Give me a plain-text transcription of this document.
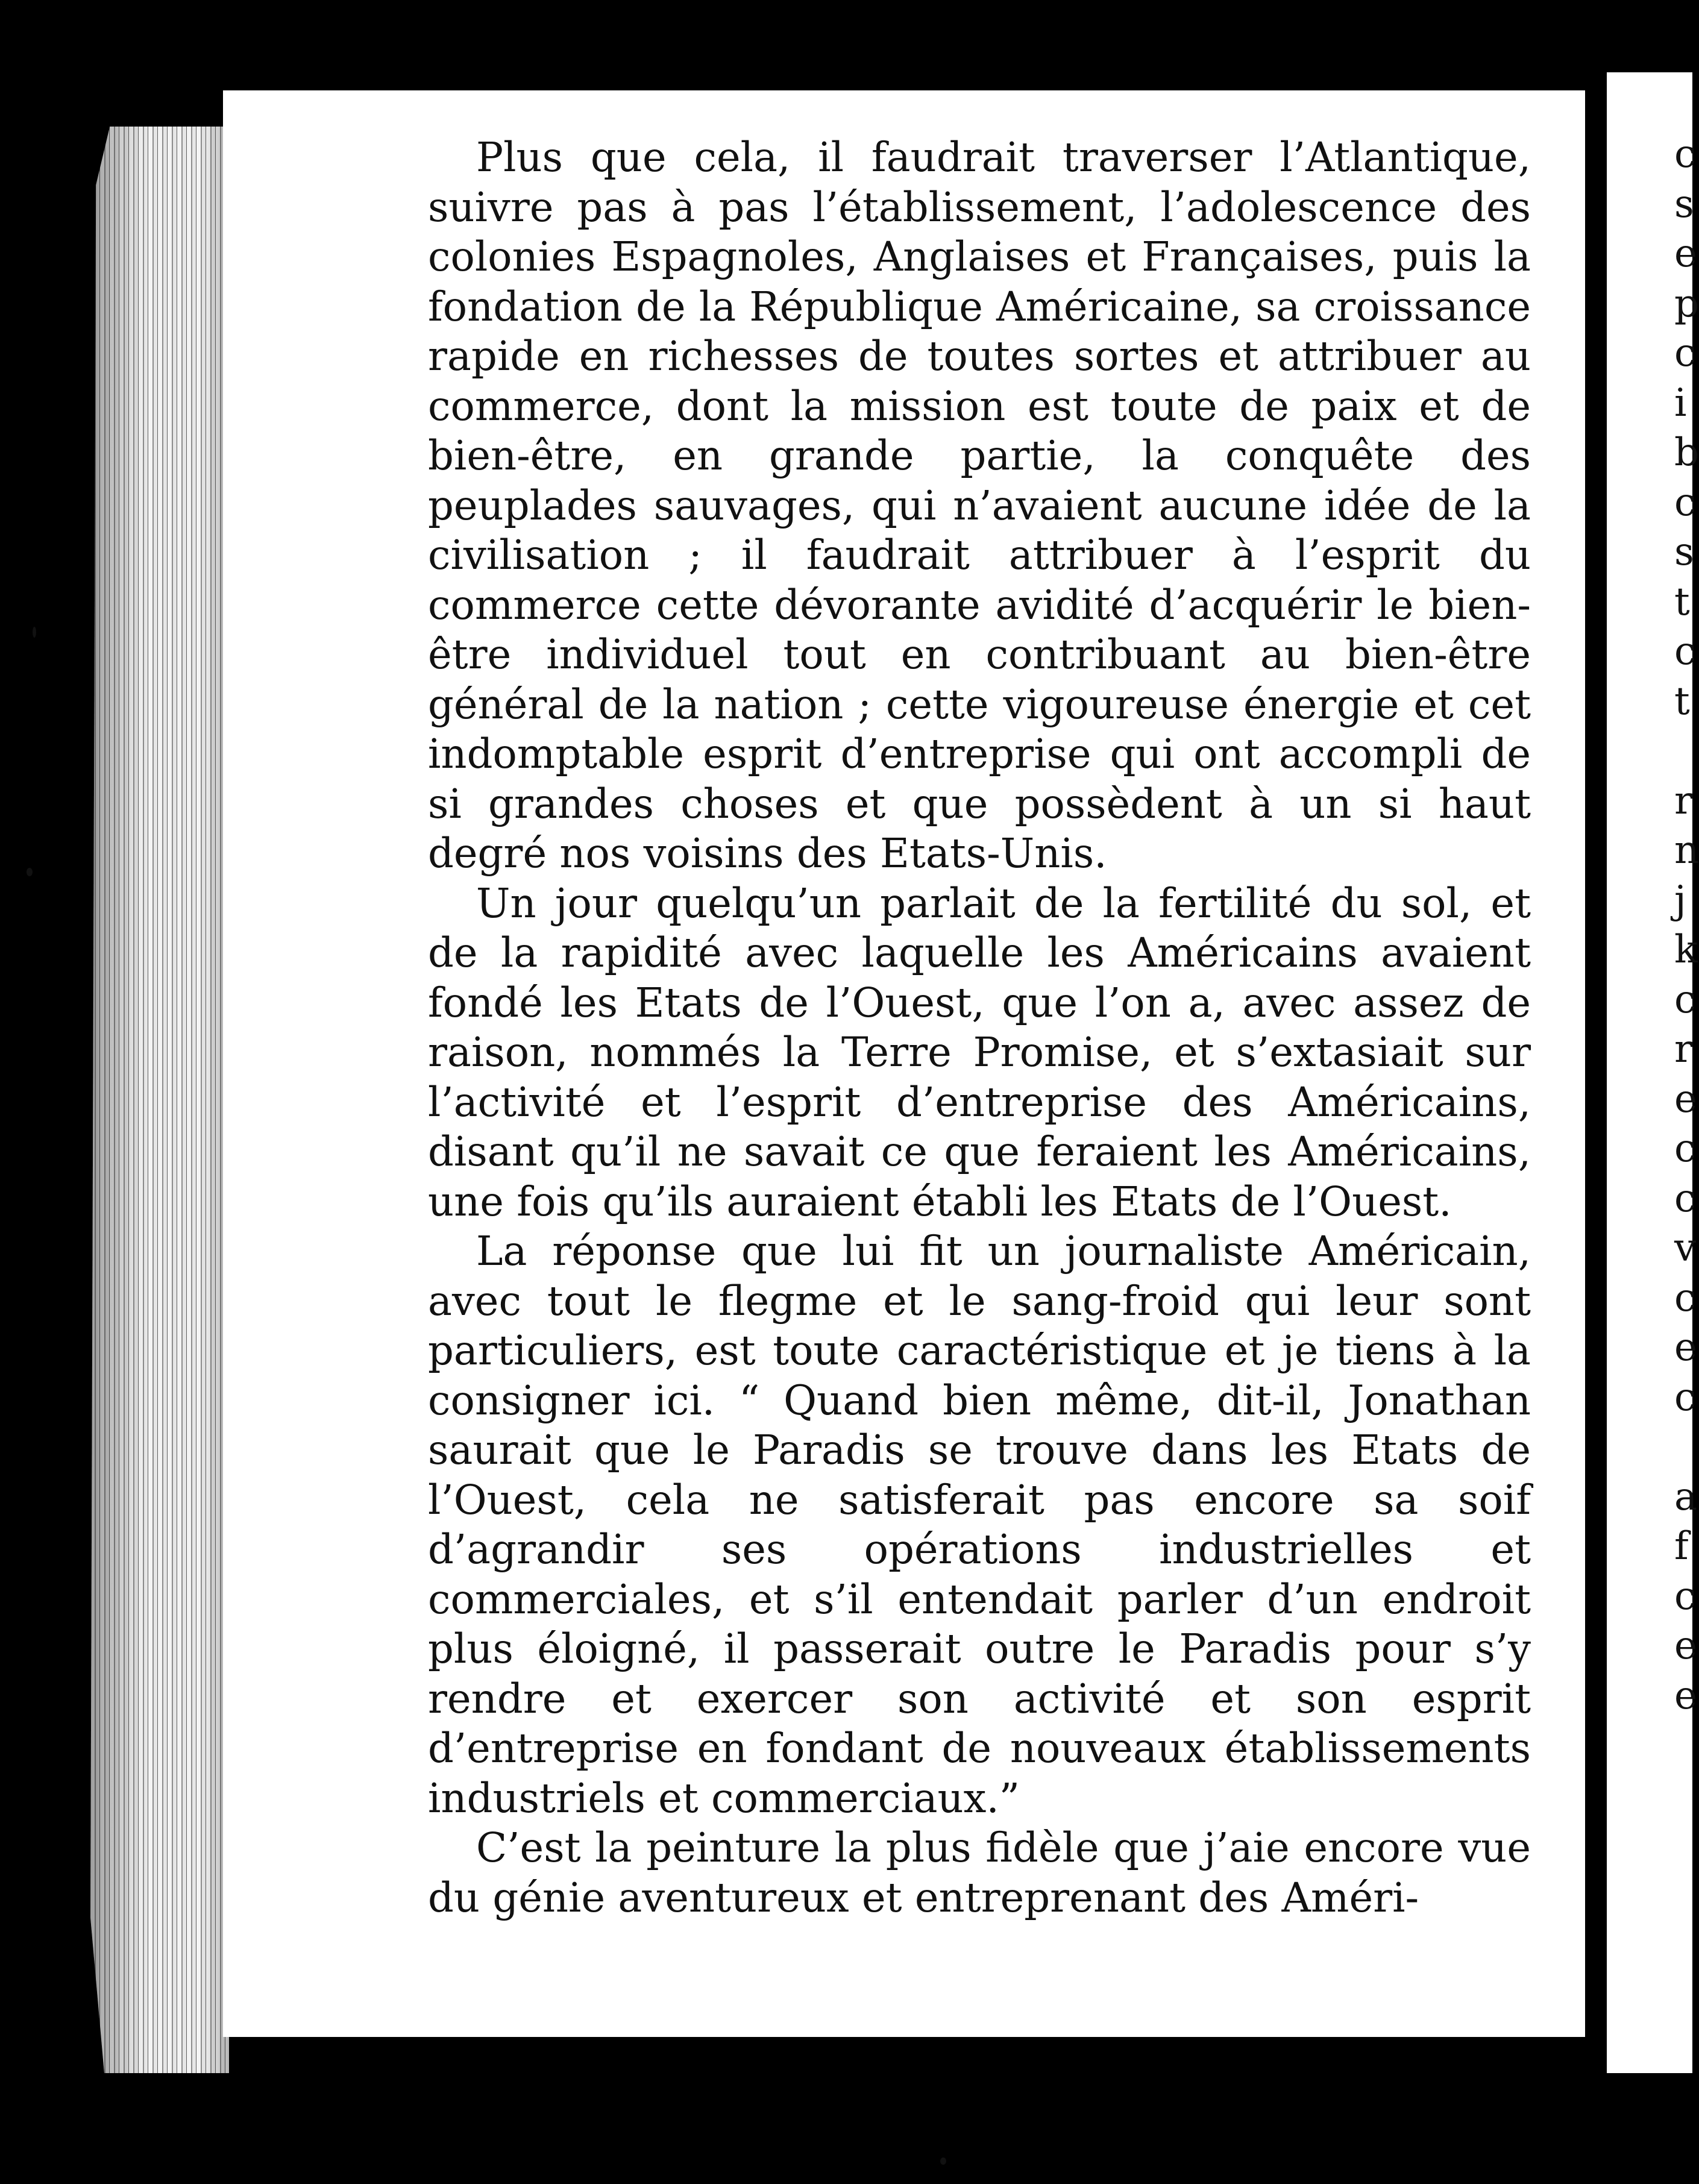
Plus que cela, il faudrait traverser l’Atlantique, suivre pas à pas l’établissement, l’adolescence des colonies Espagnoles, Anglaises et Françaises, puis la fondation de la République Américaine, sa croissance rapide en richesses de toutes sortes et attribuer au commerce, dont la mission est toute de paix et de bien-être, en grande partie, la conquête des peuplades sauvages, qui n’avaient aucune idée de la civilisation ; il faudrait attribuer à l’esprit du commerce cette dévorante avidité d’acquérir le bien-être individuel tout en contribuant au bien-être général de la nation ; cette vigoureuse énergie et cet indomptable esprit d’entreprise qui ont accompli de si grandes choses et que possèdent à un si haut degré nos voisins des Etats-Unis.

Un jour quelqu’un parlait de la fertilité du sol, et de la rapidité avec laquelle les Américains avaient fondé les Etats de l’Ouest, que l’on a, avec assez de raison, nommés la Terre Promise, et s’extasiait sur l’activité et l’esprit d’entreprise des Américains, disant qu’il ne savait ce que feraient les Américains, une fois qu’ils auraient établi les Etats de l’Ouest.

La réponse que lui fit un journaliste Américain, avec tout le flegme et le sang-froid qui leur sont particuliers, est toute caractéristique et je tiens à la consigner ici. “ Quand bien même, dit-il, Jonathan saurait que le Paradis se trouve dans les Etats de l’Ouest, cela ne satisferait pas encore sa soif d’agrandir ses opérations industrielles et commerciales, et s’il entendait parler d’un endroit plus éloigné, il passerait outre le Paradis pour s’y rendre et exercer son activité et son esprit d’entreprise en fondant de nouveaux établissements industriels et commerciaux.”

C’est la peinture la plus fidèle que j’aie encore vue du génie aventureux et entreprenant des Améri-

c
s
e
p
c
i
b
c
s
t
c
t
r
n
j
k
c
r
e
c
c
v
c
e
c
a
f
c
e
e
